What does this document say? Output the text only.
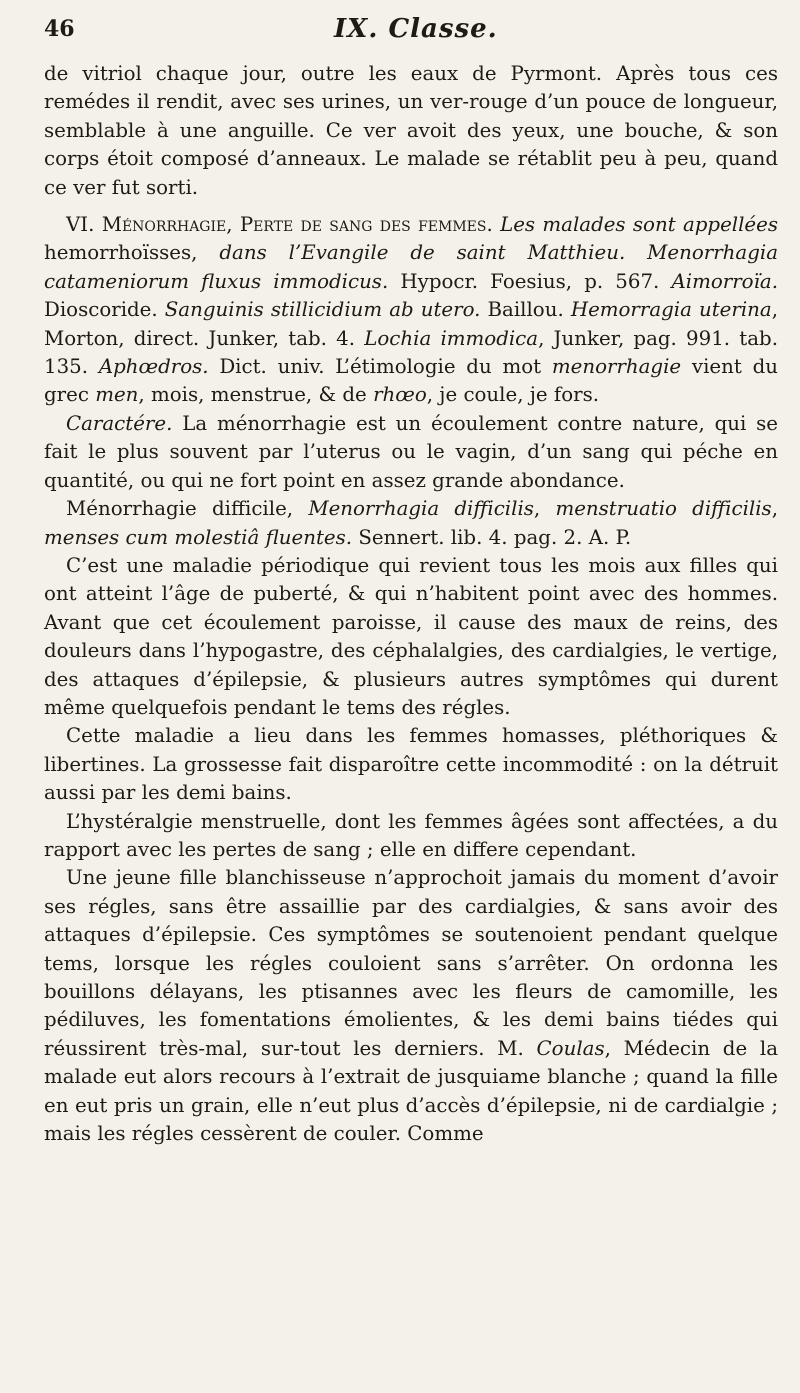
46	IX. Classe.

de vitriol chaque jour, outre les eaux de Pyrmont. Après tous ces remédes il rendit, avec ses urines, un ver-rouge d’un pouce de longueur, semblable à une anguille. Ce ver avoit des yeux, une bouche, & son corps étoit composé d’anneaux. Le malade se rétablit peu à peu, quand ce ver fut sorti.

VI. Ménorrhagie, Perte de sang des femmes. Les malades sont appellées hemorrhoïsses, dans l’Evangile de saint Matthieu. Menorrhagia catameniorum fluxus immodicus. Hypocr. Foesius, p. 567. Aimorroïa. Dioscoride. Sanguinis stillicidium ab utero. Baillou. Hemorragia uterina, Morton, direct. Junker, tab. 4. Lochia immodica, Junker, pag. 991. tab. 135. Aphœdros. Dict. univ. L’étimologie du mot menorrhagie vient du grec men, mois, menstrue, & de rhœo, je coule, je fors.

Caractére. La ménorrhagie est un écoulement contre nature, qui se fait le plus souvent par l’uterus ou le vagin, d’un sang qui péche en quantité, ou qui ne fort point en assez grande abondance.

Ménorrhagie difficile, Menorrhagia difficilis, menstruatio difficilis, menses cum molestiâ fluentes. Sennert. lib. 4. pag. 2. A. P.

C’est une maladie périodique qui revient tous les mois aux filles qui ont atteint l’âge de puberté, & qui n’habitent point avec des hommes. Avant que cet écoulement paroisse, il cause des maux de reins, des douleurs dans l’hypogastre, des céphalalgies, des cardialgies, le vertige, des attaques d’épilepsie, & plusieurs autres symptômes qui durent même quelquefois pendant le tems des régles.

Cette maladie a lieu dans les femmes homasses, pléthoriques & libertines. La grossesse fait disparoître cette incommodité : on la détruit aussi par les demi bains.

L’hystéralgie menstruelle, dont les femmes âgées sont affectées, a du rapport avec les pertes de sang ; elle en differe cependant.

Une jeune fille blanchisseuse n’approchoit jamais du moment d’avoir ses régles, sans être assaillie par des cardialgies, & sans avoir des attaques d’épilepsie. Ces symptômes se soutenoient pendant quelque tems, lorsque les régles couloient sans s’arrêter. On ordonna les bouillons délayans, les ptisannes avec les fleurs de camomille, les pédiluves, les fomentations émolientes, & les demi bains tiédes qui réussirent très-mal, sur-tout les derniers. M. Coulas, Médecin de la malade eut alors recours à l’extrait de jusquiame blanche ; quand la fille en eut pris un grain, elle n’eut plus d’accès d’épilepsie, ni de cardialgie ; mais les régles cessèrent de couler. Comme
